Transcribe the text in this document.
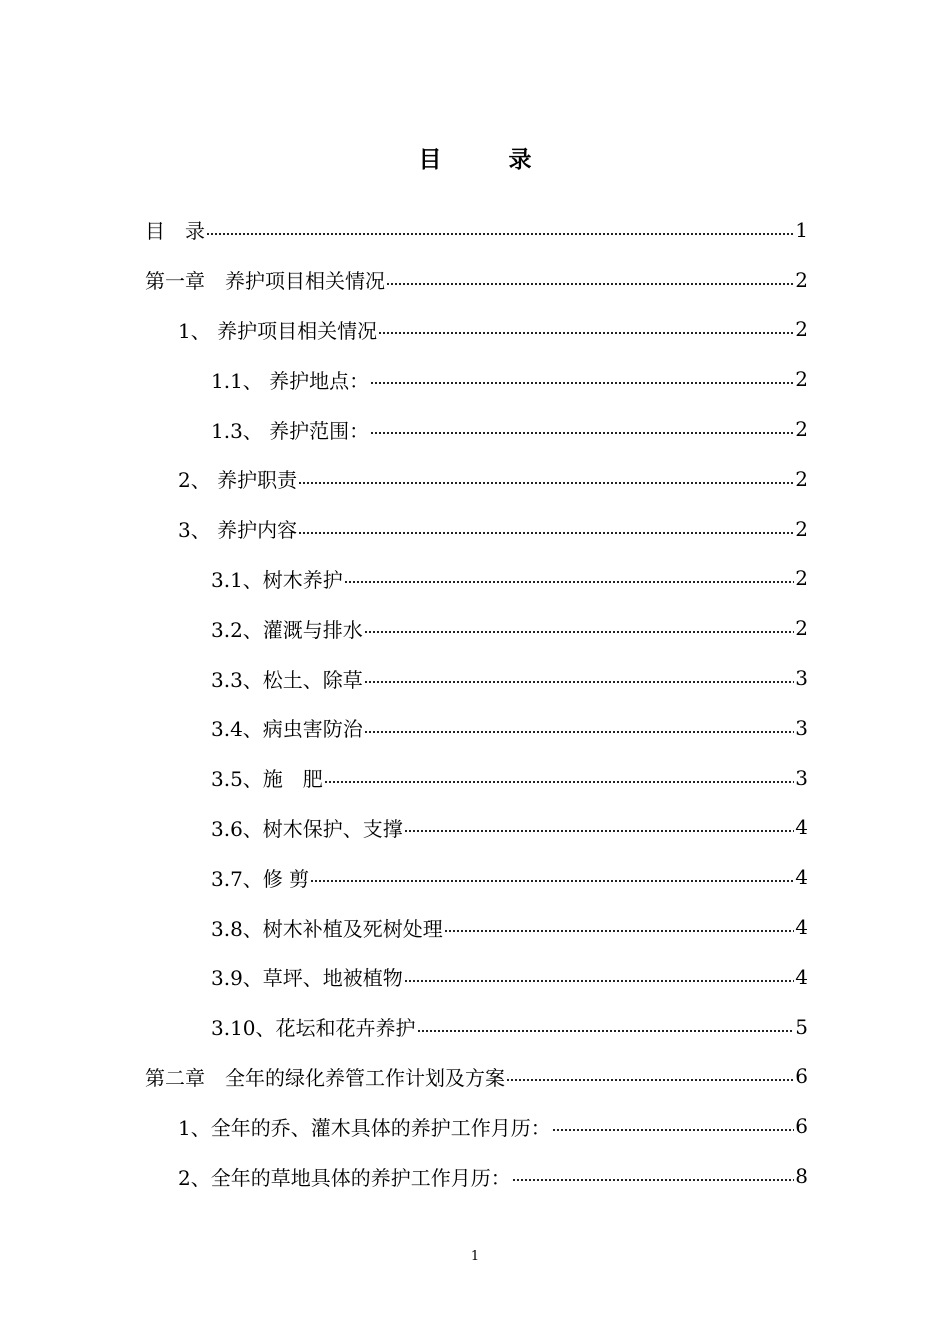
目　录
目　录	1
第一章　养护项目相关情况	2
1、 养护项目相关情况	2
1.1、 养护地点：	2
1.3、 养护范围：	2
2、 养护职责	2
3、 养护内容	2
3.1、树木养护	2
3.2、灌溉与排水	2
3.3、松土、除草	3
3.4、病虫害防治	3
3.5、施　肥	3
3.6、树木保护、支撑	4
3.7、修 剪	4
3.8、树木补植及死树处理	4
3.9、草坪、地被植物	4
3.10、花坛和花卉养护	5
第二章　全年的绿化养管工作计划及方案	6
1、全年的乔、灌木具体的养护工作月历：	6
2、全年的草地具体的养护工作月历：	8
1
